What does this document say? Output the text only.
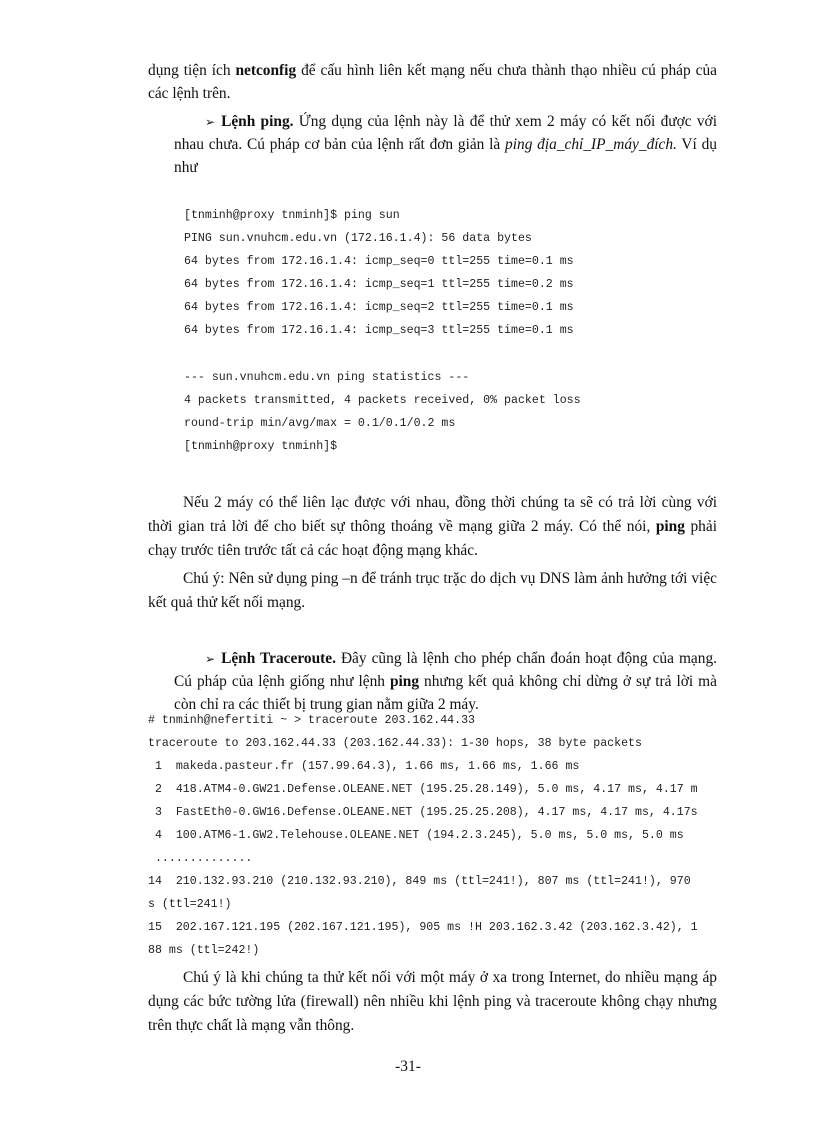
dụng tiện ích netconfig để cấu hình liên kết mạng nếu chưa thành thạo nhiều cú pháp của
các lệnh trên.
➢ Lệnh ping. Ứng dụng của lệnh này là để thử xem 2 máy có kết nối được với
nhau chưa. Cú pháp cơ bản của lệnh rất đơn giản là ping địa_chỉ_IP_máy_đích. Ví dụ
như
[tnminh@proxy tnminh]$ ping sun
PING sun.vnuhcm.edu.vn (172.16.1.4): 56 data bytes
64 bytes from 172.16.1.4: icmp_seq=0 ttl=255 time=0.1 ms
64 bytes from 172.16.1.4: icmp_seq=1 ttl=255 time=0.2 ms
64 bytes from 172.16.1.4: icmp_seq=2 ttl=255 time=0.1 ms
64 bytes from 172.16.1.4: icmp_seq=3 ttl=255 time=0.1 ms
--- sun.vnuhcm.edu.vn ping statistics ---
4 packets transmitted, 4 packets received, 0% packet loss
round-trip min/avg/max = 0.1/0.1/0.2 ms
[tnminh@proxy tnminh]$
Nếu 2 máy có thể liên lạc được với nhau, đồng thời chúng ta sẽ có trả lời cùng với
thời gian trả lời để cho biết sự thông thoáng về mạng giữa 2 máy. Có thể nói, ping phải
chạy trước tiên trước tất cả các hoạt động mạng khác.
Chú ý: Nên sử dụng ping –n để tránh trục trặc do dịch vụ DNS làm ảnh hưởng tới việc
kết quả thử kết nối mạng.
➢ Lệnh Traceroute. Đây cũng là lệnh cho phép chẩn đoán hoạt động của mạng.
Cú pháp của lệnh giống như lệnh ping nhưng kết quả không chỉ dừng ở sự trả lời mà
còn chỉ ra các thiết bị trung gian nằm giữa 2 máy.
# tnminh@nefertiti ~ > traceroute 203.162.44.33
traceroute to 203.162.44.33 (203.162.44.33): 1-30 hops, 38 byte packets
1  makeda.pasteur.fr (157.99.64.3), 1.66 ms, 1.66 ms, 1.66 ms
2  418.ATM4-0.GW21.Defense.OLEANE.NET (195.25.28.149), 5.0 ms, 4.17 ms, 4.17 m
3  FastEth0-0.GW16.Defense.OLEANE.NET (195.25.25.208), 4.17 ms, 4.17 ms, 4.17s
4  100.ATM6-1.GW2.Telehouse.OLEANE.NET (194.2.3.245), 5.0 ms, 5.0 ms, 5.0 ms
..............
14  210.132.93.210 (210.132.93.210), 849 ms (ttl=241!), 807 ms (ttl=241!), 970
s (ttl=241!)
15  202.167.121.195 (202.167.121.195), 905 ms !H 203.162.3.42 (203.162.3.42), 1
88 ms (ttl=242!)
Chú ý là khi chúng ta thử kết nối với một máy ở xa trong Internet, do nhiều mạng áp
dụng các bức tường lửa (firewall) nên nhiều khi lệnh ping và traceroute không chạy nhưng
trên thực chất là mạng vẫn thông.
-31-
